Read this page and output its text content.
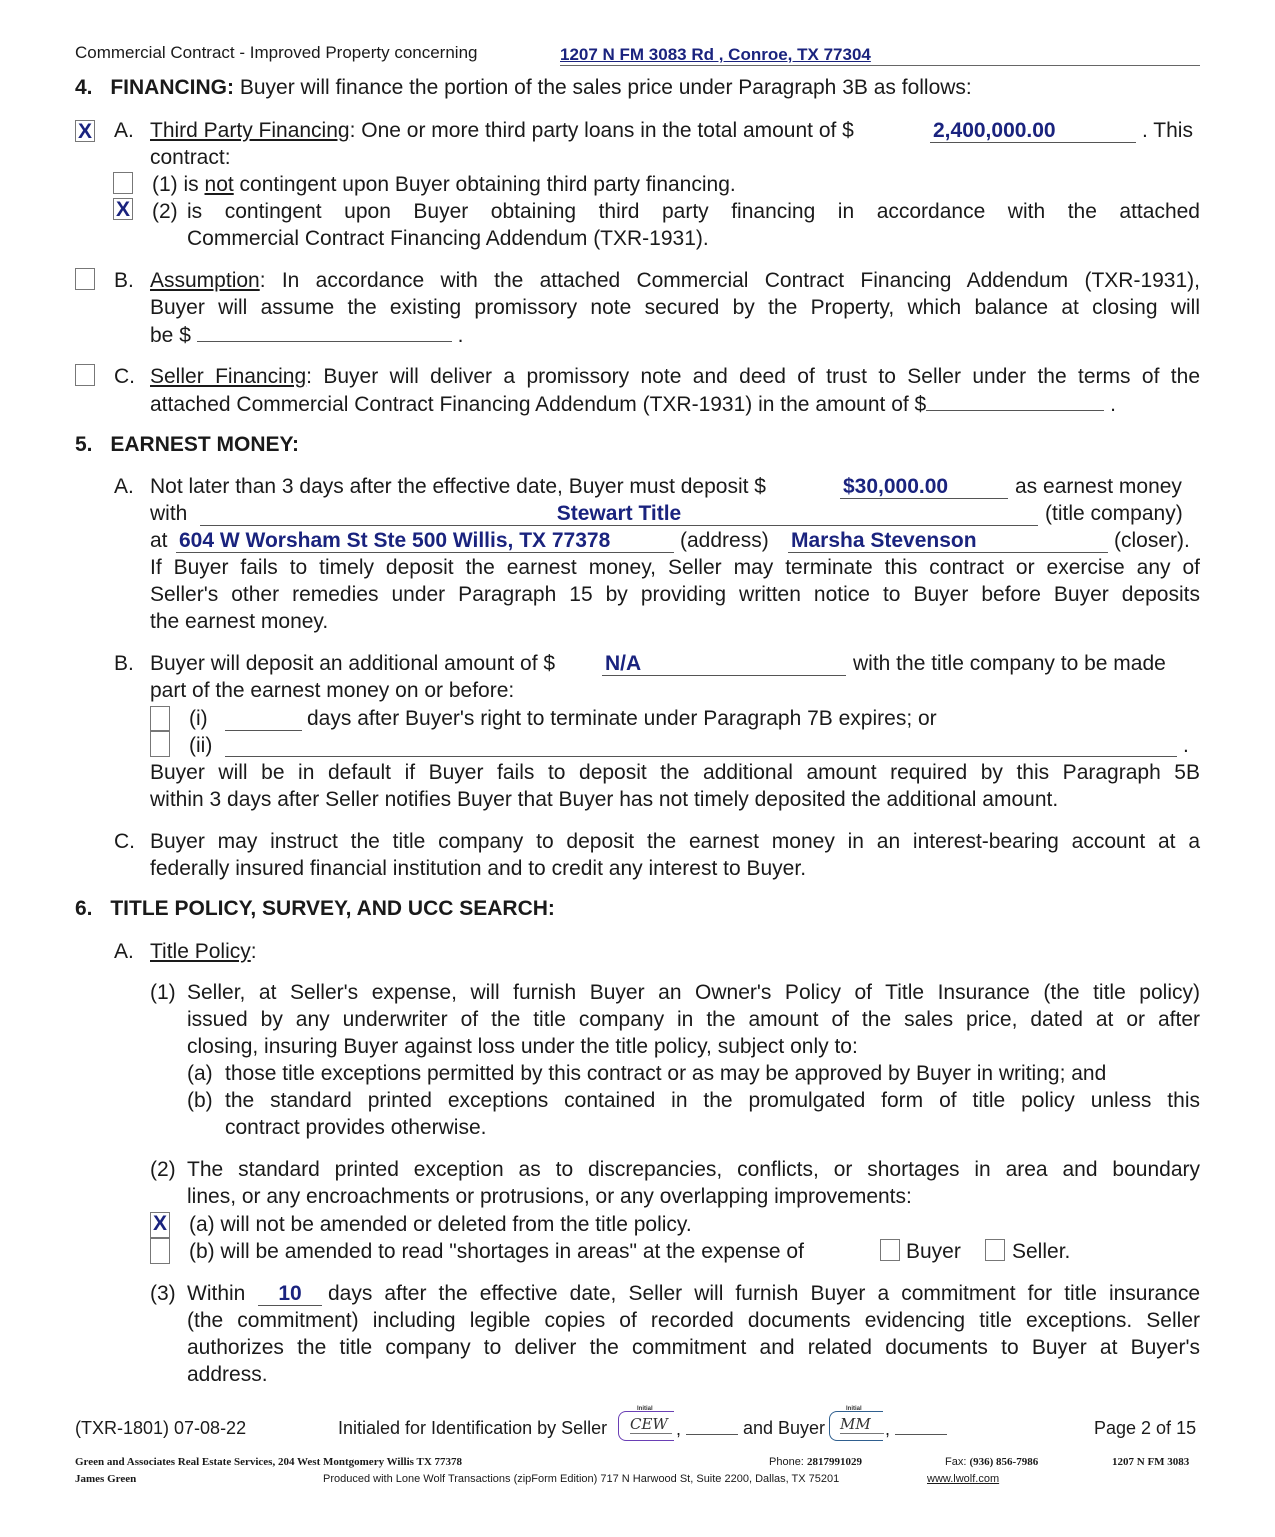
Commercial Contract - Improved Property concerning	1207 N FM 3083 Rd , Conroe, TX 77304
4. FINANCING: Buyer will finance the portion of the sales price under Paragraph 3B as follows:
X A. Third Party Financing: One or more third party loans in the total amount of $	2,400,000.00	. This
contract:
(1) is not contingent upon Buyer obtaining third party financing.
X (2) is contingent upon Buyer obtaining third party financing in accordance with the attached
Commercial Contract Financing Addendum (TXR-1931).
B. Assumption: In accordance with the attached Commercial Contract Financing Addendum (TXR-1931),
Buyer will assume the existing promissory note secured by the Property, which balance at closing will
be $	.
C. Seller Financing: Buyer will deliver a promissory note and deed of trust to Seller under the terms of the
attached Commercial Contract Financing Addendum (TXR-1931) in the amount of $	.
5. EARNEST MONEY:
A. Not later than 3 days after the effective date, Buyer must deposit $	$30,000.00	as earnest money
with	Stewart Title	(title company)
at 604 W Worsham St Ste 500 Willis, TX 77378	(address) Marsha Stevenson	(closer).
If Buyer fails to timely deposit the earnest money, Seller may terminate this contract or exercise any of
Seller's other remedies under Paragraph 15 by providing written notice to Buyer before Buyer deposits
the earnest money.
B. Buyer will deposit an additional amount of $ N/A	with the title company to be made
part of the earnest money on or before:
(i)	days after Buyer's right to terminate under Paragraph 7B expires; or
(ii)	.
Buyer will be in default if Buyer fails to deposit the additional amount required by this Paragraph 5B
within 3 days after Seller notifies Buyer that Buyer has not timely deposited the additional amount.
C. Buyer may instruct the title company to deposit the earnest money in an interest-bearing account at a
federally insured financial institution and to credit any interest to Buyer.
6. TITLE POLICY, SURVEY, AND UCC SEARCH:
A. Title Policy:
(1) Seller, at Seller's expense, will furnish Buyer an Owner's Policy of Title Insurance (the title policy)
issued by any underwriter of the title company in the amount of the sales price, dated at or after
closing, insuring Buyer against loss under the title policy, subject only to:
(a) those title exceptions permitted by this contract or as may be approved by Buyer in writing; and
(b) the standard printed exceptions contained in the promulgated form of title policy unless this
contract provides otherwise.
(2) The standard printed exception as to discrepancies, conflicts, or shortages in area and boundary
lines, or any encroachments or protrusions, or any overlapping improvements:
X (a) will not be amended or deleted from the title policy.
(b) will be amended to read "shortages in areas" at the expense of	Buyer Seller.
(3) Within	10	days after the effective date, Seller will furnish Buyer a commitment for title insurance
(the commitment) including legible copies of recorded documents evidencing title exceptions. Seller
authorizes the title company to deliver the commitment and related documents to Buyer at Buyer's
address.
(TXR-1801) 07-08-22	Initialed for Identification by Seller
Initial
CEW ,	and Buyer
Initial
MM ,	Page 2 of 15
Green and Associates Real Estate Services, 204 West Montgomery Willis TX 77378	Phone: 2817991029	Fax: (936) 856-7986	1207 N FM 3083
James Green	Produced with Lone Wolf Transactions (zipForm Edition) 717 N Harwood St, Suite 2200, Dallas, TX 75201	www.lwolf.com
